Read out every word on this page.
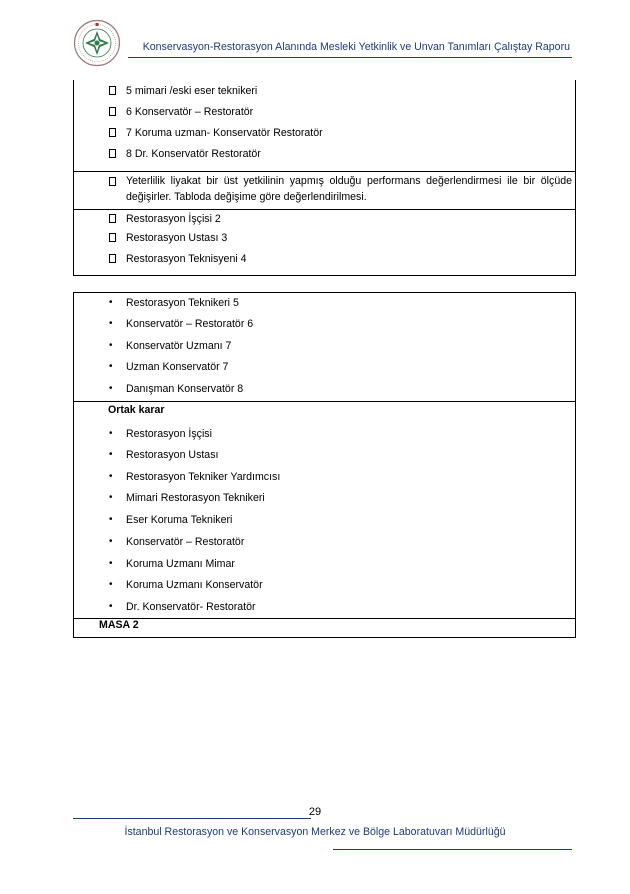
Konservasyon-Restorasyon Alanında Mesleki Yetkinlik ve Unvan Tanımları Çalıştay Raporu
5 mimari /eski eser teknikeri
6 Konservatör – Restoratör
7 Koruma uzman- Konservatör Restoratör
8 Dr. Konservatör Restoratör
Yeterlilik liyakat bir üst yetkilinin yapmış olduğu performans değerlendirmesi ile bir ölçüde değişirler. Tabloda değişime göre değerlendirilmesi.
Restorasyon İşçisi 2
Restorasyon Ustası 3
Restorasyon Teknisyeni 4
• Restorasyon Teknikeri 5
• Konservatör – Restoratör 6
• Konservatör Uzmanı 7
• Uzman Konservatör 7
• Danışman Konservatör 8
Ortak karar
• Restorasyon İşçisi
• Restorasyon Ustası
• Restorasyon Tekniker Yardımcısı
• Mimari Restorasyon Teknikeri
• Eser Koruma Teknikeri
• Konservatör – Restoratör
• Koruma Uzmanı Mimar
• Koruma Uzmanı Konservatör
• Dr. Konservatör- Restoratör
MASA 2
29
İstanbul Restorasyon ve Konservasyon Merkez ve Bölge Laboratuvarı Müdürlüğü
